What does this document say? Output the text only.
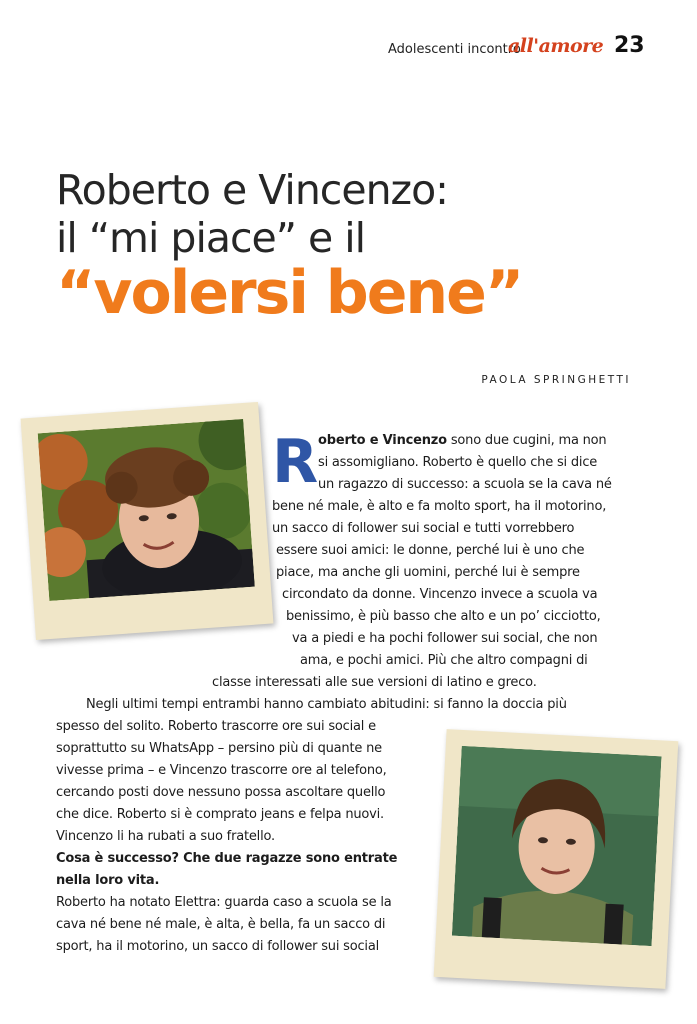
Adolescenti incontro
all'amore 23
Roberto e Vincenzo:
il “mi piace” e il
“volersi bene”
PAOLA SPRINGHETTI
R oberto e Vincenzo sono due cugini, ma non
si assomigliano. Roberto è quello che si dice
un ragazzo di successo: a scuola se la cava né
bene né male, è alto e fa molto sport, ha il motorino,
un sacco di follower sui social e tutti vorrebbero
essere suoi amici: le donne, perché lui è uno che
piace, ma anche gli uomini, perché lui è sempre
circondato da donne. Vincenzo invece a scuola va
benissimo, è più basso che alto e un po’ cicciotto,
va a piedi e ha pochi follower sui social, che non
ama, e pochi amici. Più che altro compagni di
classe interessati alle sue versioni di latino e greco.
Negli ultimi tempi entrambi hanno cambiato abitudini: si fanno la doccia più
spesso del solito. Roberto trascorre ore sui social e
soprattutto su WhatsApp – persino più di quante ne
vivesse prima – e Vincenzo trascorre ore al telefono,
cercando posti dove nessuno possa ascoltare quello
che dice. Roberto si è comprato jeans e felpa nuovi.
Vincenzo li ha rubati a suo fratello.
Cosa è successo? Che due ragazze sono entrate
nella loro vita.
Roberto ha notato Elettra: guarda caso a scuola se la
cava né bene né male, è alta, è bella, fa un sacco di
sport, ha il motorino, un sacco di follower sui social
